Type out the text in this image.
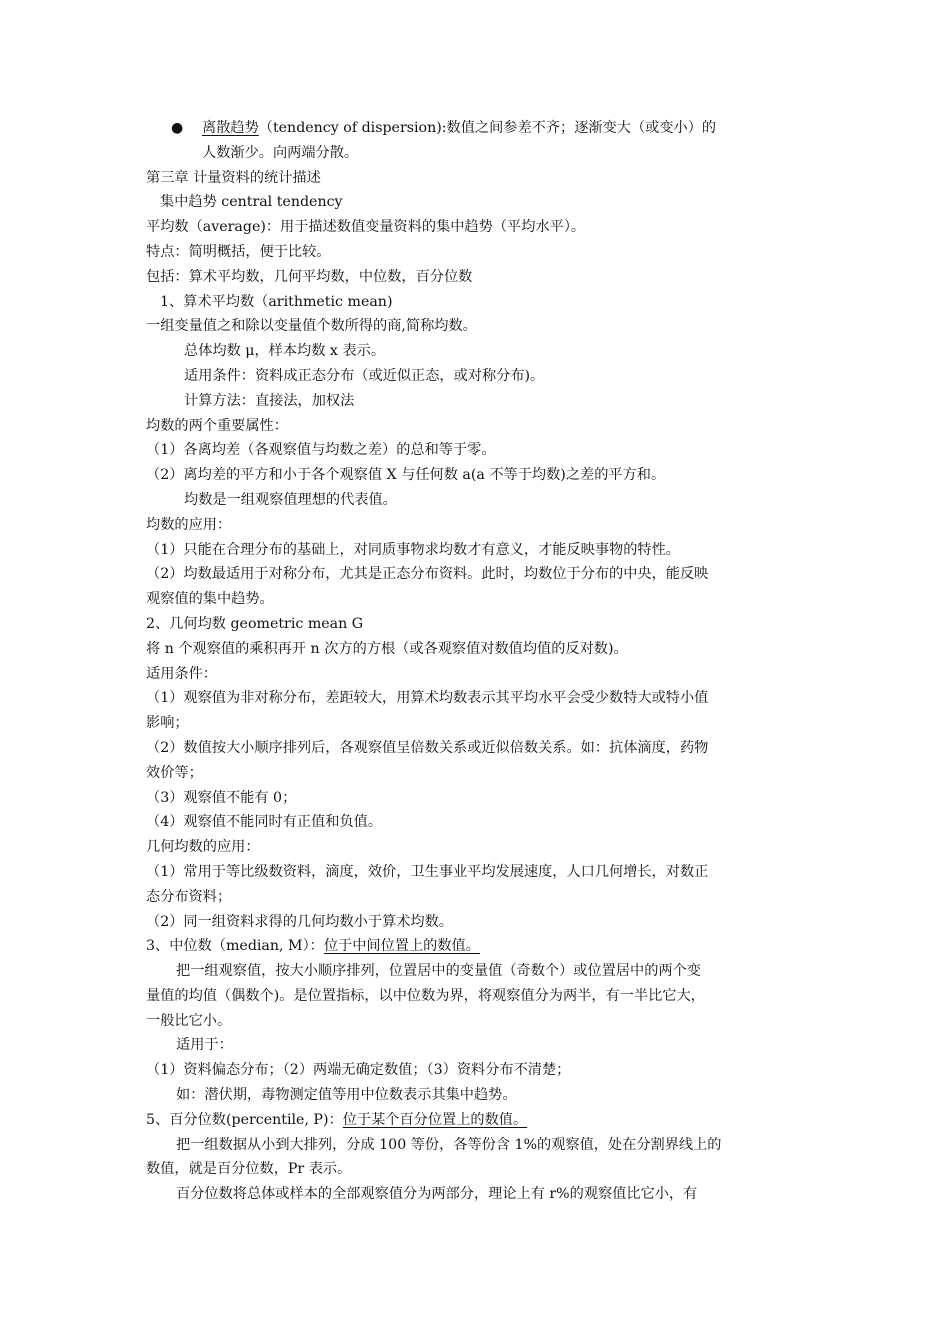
● 离散趋势（tendency of dispersion):数值之间参差不齐；逐渐变大（或变小）的
人数渐少。向两端分散。
第三章 计量资料的统计描述
集中趋势 central tendency
平均数（average)：用于描述数值变量资料的集中趋势（平均水平）。
特点：简明概括，便于比较。
包括：算术平均数，几何平均数，中位数，百分位数
1、算术平均数（arithmetic mean)
一组变量值之和除以变量值个数所得的商,简称均数。
总体均数 μ，样本均数 x 表示。
适用条件：资料成正态分布（或近似正态，或对称分布)。
计算方法：直接法，加权法
均数的两个重要属性：
（1）各离均差（各观察值与均数之差）的总和等于零。
（2）离均差的平方和小于各个观察值 X 与任何数 a(a 不等于均数)之差的平方和。
均数是一组观察值理想的代表值。
均数的应用：
（1）只能在合理分布的基础上，对同质事物求均数才有意义，才能反映事物的特性。
（2）均数最适用于对称分布，尤其是正态分布资料。此时，均数位于分布的中央，能反映
观察值的集中趋势。
2、几何均数 geometric mean G
将 n 个观察值的乘积再开 n 次方的方根（或各观察值对数值均值的反对数)。
适用条件：
（1）观察值为非对称分布，差距较大，用算术均数表示其平均水平会受少数特大或特小值
影响；
（2）数值按大小顺序排列后，各观察值呈倍数关系或近似倍数关系。如：抗体滴度，药物
效价等；
（3）观察值不能有 0；
（4）观察值不能同时有正值和负值。
几何均数的应用：
（1）常用于等比级数资料，滴度，效价，卫生事业平均发展速度，人口几何增长，对数正
态分布资料；
（2）同一组资料求得的几何均数小于算术均数。
3、中位数（median, M）：位于中间位置上的数值。
把一组观察值，按大小顺序排列，位置居中的变量值（奇数个）或位置居中的两个变
量值的均值（偶数个)。是位置指标，以中位数为界，将观察值分为两半，有一半比它大，
一般比它小。
适用于：
（1）资料偏态分布；（2）两端无确定数值；（3）资料分布不清楚；
如：潜伏期，毒物测定值等用中位数表示其集中趋势。
5、百分位数(percentile, P)：位于某个百分位置上的数值。
把一组数据从小到大排列，分成 100 等份，各等份含 1%的观察值，处在分割界线上的
数值，就是百分位数，Pr 表示。
百分位数将总体或样本的全部观察值分为两部分，理论上有 r%的观察值比它小，有
